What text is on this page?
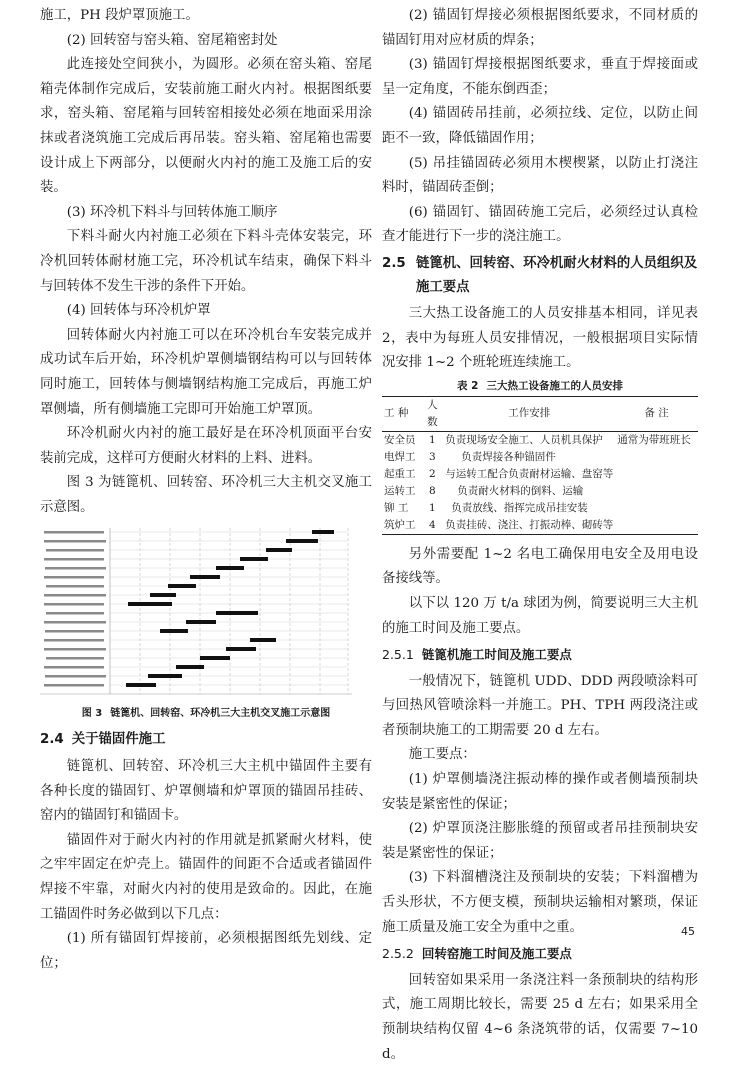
施工，PH 段炉罩顶施工。

(2) 回转窑与窑头箱、窑尾箱密封处

此连接处空间狭小，为圆形。必须在窑头箱、窑尾箱壳体制作完成后，安装前施工耐火内衬。根据图纸要求，窑头箱、窑尾箱与回转窑相接处必须在地面采用涂抹或者浇筑施工完成后再吊装。窑头箱、窑尾箱也需要设计成上下两部分，以便耐火内衬的施工及施工后的安装。

(3) 环冷机下料斗与回转体施工顺序

下料斗耐火内衬施工必须在下料斗壳体安装完，环冷机回转体耐材施工完，环冷机试车结束，确保下料斗与回转体不发生干涉的条件下开始。

(4) 回转体与环冷机炉罩

回转体耐火内衬施工可以在环冷机台车安装完成并成功试车后开始，环冷机炉罩侧墙钢结构可以与回转体同时施工，回转体与侧墙钢结构施工完成后，再施工炉罩侧墙，所有侧墙施工完即可开始施工炉罩顶。

环冷机耐火内衬的施工最好是在环冷机顶面平台安装前完成，这样可方便耐火材料的上料、进料。

图 3 为链篦机、回转窑、环冷机三大主机交叉施工示意图。

图 3 链篦机、回转窑、环冷机三大主机交叉施工示意图
2.4 关于锚固件施工

链篦机、回转窑、环冷机三大主机中锚固件主要有各种长度的锚固钉、炉罩侧墙和炉罩顶的锚固吊挂砖、窑内的锚固钉和锚固卡。

锚固件对于耐火内衬的作用就是抓紧耐火材料，使之牢牢固定在炉壳上。锚固件的间距不合适或者锚固件焊接不牢靠，对耐火内衬的使用是致命的。因此，在施工锚固件时务必做到以下几点：

(1) 所有锚固钉焊接前，必须根据图纸先划线、定位；

(2) 锚固钉焊接必须根据图纸要求，不同材质的锚固钉用对应材质的焊条；

(3) 锚固钉焊接根据图纸要求，垂直于焊接面或呈一定角度，不能东倒西歪；

(4) 锚固砖吊挂前，必须拉线、定位，以防止间距不一致，降低锚固作用；

(5) 吊挂锚固砖必须用木楔楔紧，以防止打浇注料时，锚固砖歪倒；

(6) 锚固钉、锚固砖施工完后，必须经过认真检查才能进行下一步的浇注施工。

2.5 链篦机、回转窑、环冷机耐火材料的人员组织及施工要点

三大热工设备施工的人员安排基本相同，详见表 2，表中为每班人员安排情况，一般根据项目实际情况安排 1~2 个班轮班连续施工。

表 2 三大热工设备施工的人员安排
工 种	人数	工作安排	备 注
安全员	1	负责现场安全施工、人员机具保护	通常为带班班长
电焊工	3	负责焊接各种锚固件	
起重工	2	与运转工配合负责耐材运输、盘窑等	
运转工	8	负责耐火材料的倒料、运输	
铆 工	1	负责放线、指挥完成吊挂安装	
筑炉工	4	负责挂砖、浇注、打振动棒、砌砖等	

另外需要配 1~2 名电工确保用电安全及用电设备接线等。

以下以 120 万 t/a 球团为例，简要说明三大主机的施工时间及施工要点。

2.5.1 链篦机施工时间及施工要点

一般情况下，链篦机 UDD、DDD 两段喷涂料可与回热风管喷涂料一并施工。PH、TPH 两段浇注或者预制块施工的工期需要 20 d 左右。

施工要点：

(1) 炉罩侧墙浇注振动棒的操作或者侧墙预制块安装是紧密性的保证；

(2) 炉罩顶浇注膨胀缝的预留或者吊挂预制块安装是紧密性的保证；

(3) 下料溜槽浇注及预制块的安装；下料溜槽为舌头形状，不方便支模，预制块运输相对繁琐，保证施工质量及施工安全为重中之重。

2.5.2 回转窑施工时间及施工要点

回转窑如果采用一条浇注料一条预制块的结构形式，施工周期比较长，需要 25 d 左右；如果采用全预制块结构仅留 4~6 条浇筑带的话，仅需要 7~10 d。

45
